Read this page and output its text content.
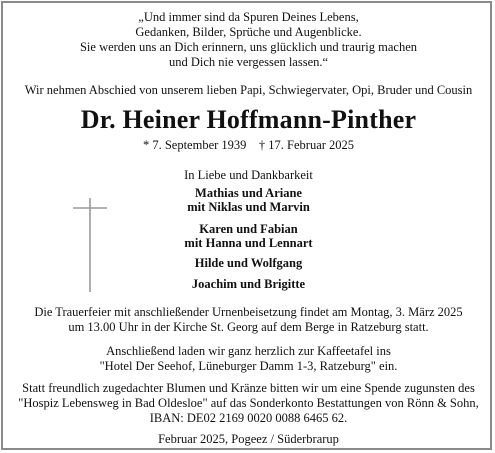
„Und immer sind da Spuren Deines Lebens,
Gedanken, Bilder, Sprüche und Augenblicke.
Sie werden uns an Dich erinnern, uns glücklich und traurig machen
und Dich nie vergessen lassen.“
Wir nehmen Abschied von unserem lieben Papi, Schwiegervater, Opi, Bruder und Cousin
Dr. Heiner Hoffmann-Pinther
* 7. September 1939    † 17. Februar 2025
In Liebe und Dankbarkeit
Mathias und Ariane
mit Niklas und Marvin
Karen und Fabian
mit Hanna und Lennart
Hilde und Wolfgang
Joachim und Brigitte
Die Trauerfeier mit anschließender Urnenbeisetzung findet am Montag, 3. März 2025
um 13.00 Uhr in der Kirche St. Georg auf dem Berge in Ratzeburg statt.
Anschließend laden wir ganz herzlich zur Kaffeetafel ins
"Hotel Der Seehof, Lüneburger Damm 1-3, Ratzeburg" ein.
Statt freundlich zugedachter Blumen und Kränze bitten wir um eine Spende zugunsten des
"Hospiz Lebensweg in Bad Oldesloe" auf das Sonderkonto Bestattungen von Rönn & Sohn,
IBAN: DE02 2169 0020 0088 6465 62.
Februar 2025, Pogeez / Süderbrarup
